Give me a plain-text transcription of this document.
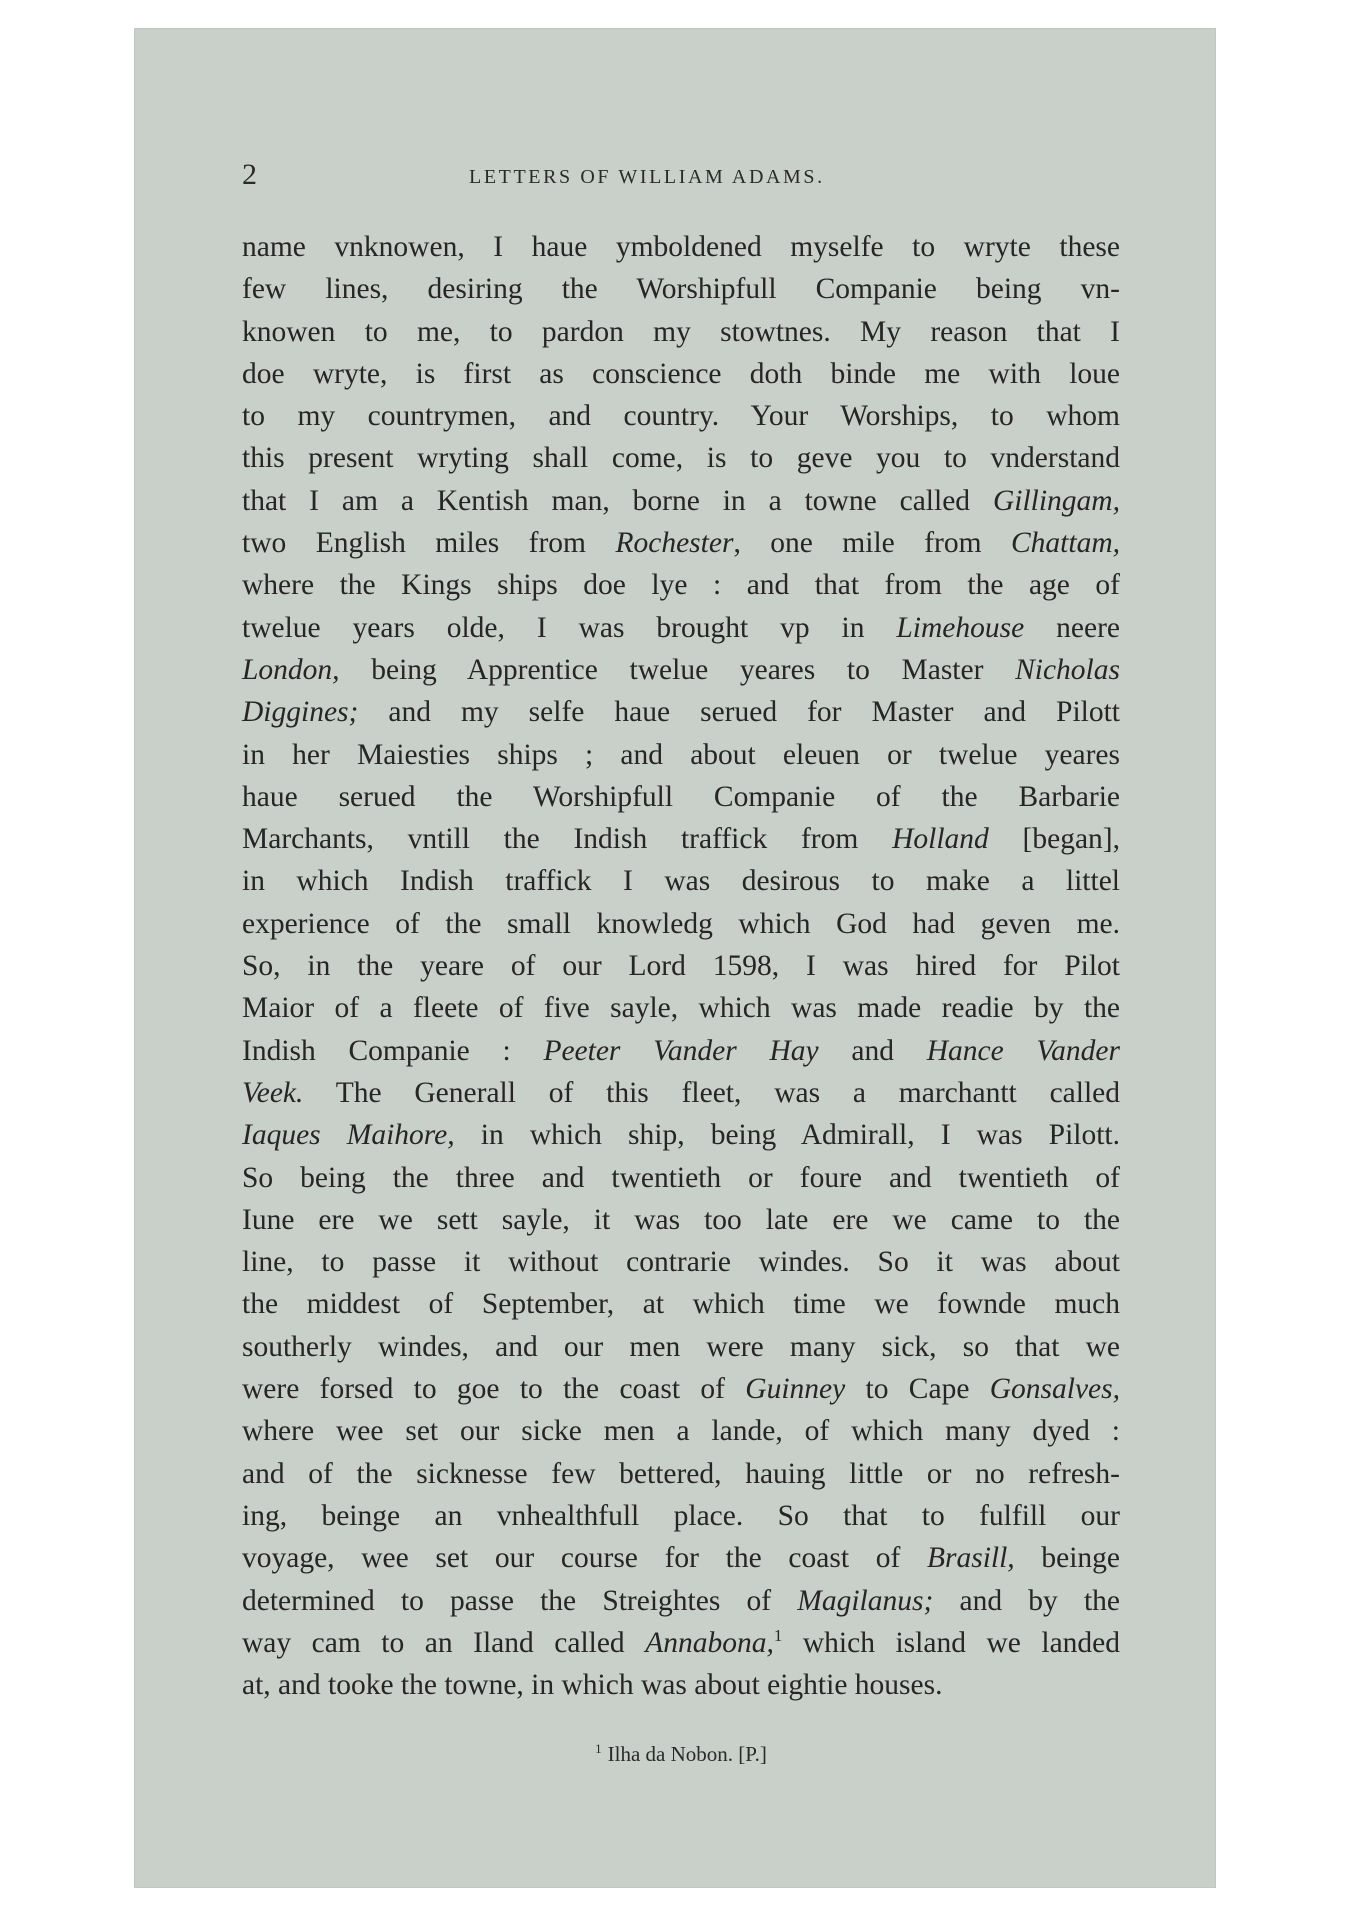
2	LETTERS OF WILLIAM ADAMS.
name vnknowen, I haue ymboldened myselfe to wryte these
few lines, desiring the Worshipfull Companie being vn-
knowen to me, to pardon my stowtnes. My reason that I
doe wryte, is first as conscience doth binde me with loue
to my countrymen, and country. Your Worships, to whom
this present wryting shall come, is to geve you to vnderstand
that I am a Kentish man, borne in a towne called Gillingam,
two English miles from Rochester, one mile from Chattam,
where the Kings ships doe lye : and that from the age of
twelue years olde, I was brought vp in Limehouse neere
London, being Apprentice twelue yeares to Master Nicholas
Diggines; and my selfe haue serued for Master and Pilott
in her Maiesties ships ; and about eleuen or twelue yeares
haue serued the Worshipfull Companie of the Barbarie
Marchants, vntill the Indish traffick from Holland [began],
in which Indish traffick I was desirous to make a littel
experience of the small knowledg which God had geven me.
So, in the yeare of our Lord 1598, I was hired for Pilot
Maior of a fleete of five sayle, which was made readie by the
Indish Companie : Peeter Vander Hay and Hance Vander
Veek. The Generall of this fleet, was a marchantt called
Iaques Maihore, in which ship, being Admirall, I was Pilott.
So being the three and twentieth or foure and twentieth of
Iune ere we sett sayle, it was too late ere we came to the
line, to passe it without contrarie windes. So it was about
the middest of September, at which time we fownde much
southerly windes, and our men were many sick, so that we
were forsed to goe to the coast of Guinney to Cape Gonsalves,
where wee set our sicke men a lande, of which many dyed :
and of the sicknesse few bettered, hauing little or no refresh-
ing, beinge an vnhealthfull place. So that to fulfill our
voyage, wee set our course for the coast of Brasill, beinge
determined to passe the Streightes of Magilanus; and by the
way cam to an Iland called Annabona,$^1$ which island we landed
at, and tooke the towne, in which was about eightie houses.
$^1$ Ilha da Nobon. [P.]
